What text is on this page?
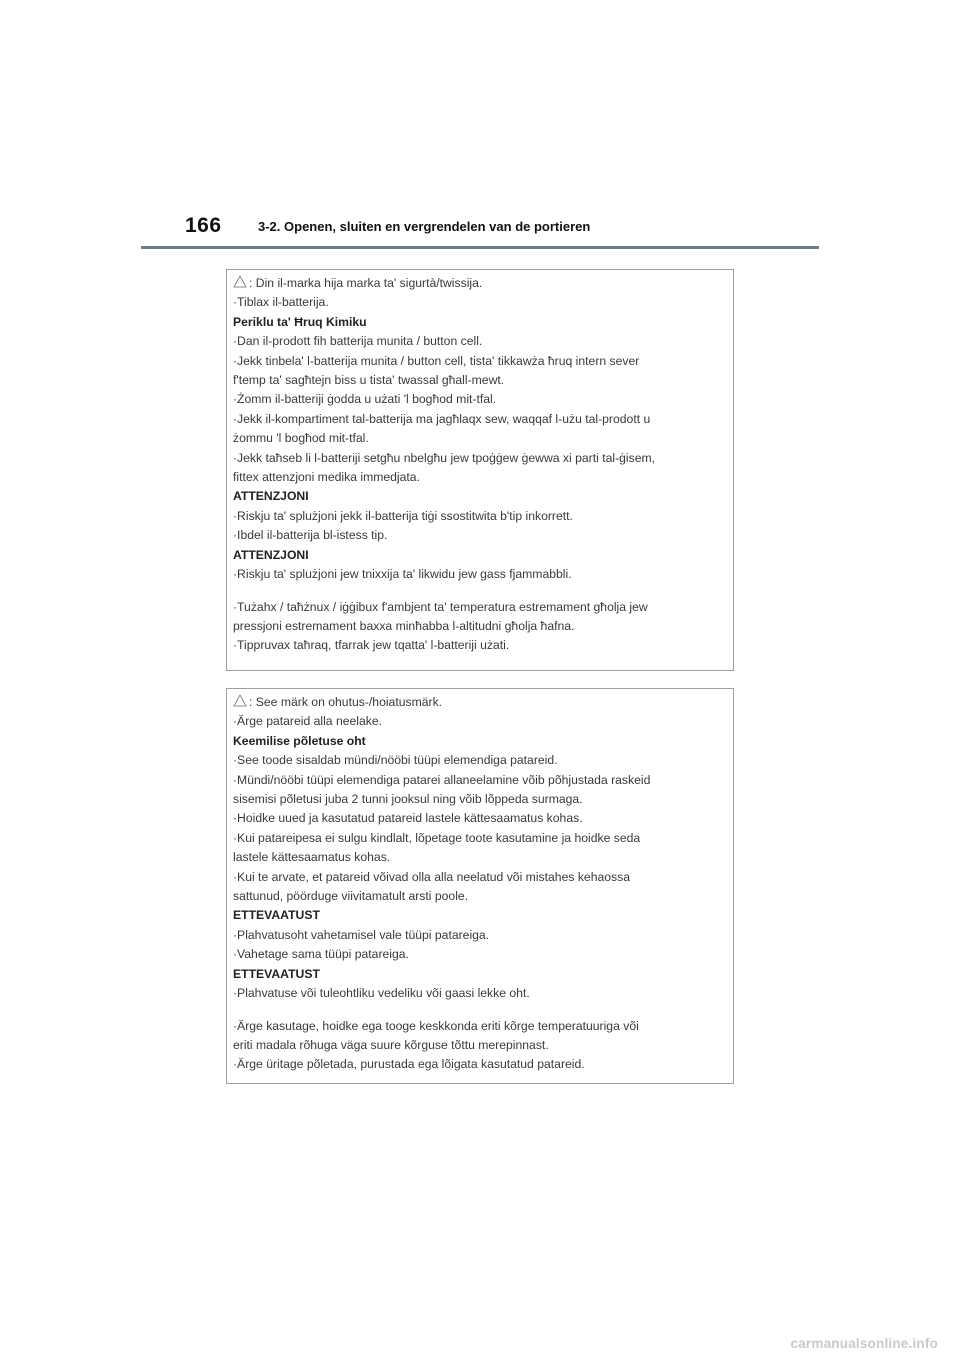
166	3-2. Openen, sluiten en vergrendelen van de portieren
: Din il-marka hija marka ta' sigurtà/twissija.
·Tiblax il-batterija.
Periklu ta' Ħruq Kimiku
·Dan il-prodott fih batterija munita / button cell.
·Jekk tinbela' l-batterija munita / button cell, tista' tikkawża ħruq intern sever
f'temp ta' sagħtejn biss u tista' twassal għall-mewt.
·Żomm il-batteriji ġodda u użati 'l bogħod mit-tfal.
·Jekk il-kompartiment tal-batterija ma jagħlaqx sew, waqqaf l-użu tal-prodott u
żommu 'l bogħod mit-tfal.
·Jekk taħseb li l-batteriji setgħu nbelgħu jew tpoġġew ġewwa xi parti tal-ġisem,
fittex attenzjoni medika immedjata.
ATTENZJONI
·Riskju ta' splużjoni jekk il-batterija tiġi ssostitwita b'tip inkorrett.
·Ibdel il-batterija bl-istess tip.
ATTENZJONI
·Riskju ta' splużjoni jew tnixxija ta' likwidu jew gass fjammabbli.
·Tużahx / taħżnux / iġġibux f'ambjent ta' temperatura estremament għolja jew
pressjoni estremament baxxa minħabba l-altitudni għolja ħafna.
·Tippruvax taħraq, tfarrak jew tqatta' l-batteriji użati.
: See märk on ohutus-/hoiatusmärk.
·Ärge patareid alla neelake.
Keemilise põletuse oht
·See toode sisaldab mündi/nööbi tüüpi elemendiga patareid.
·Mündi/nööbi tüüpi elemendiga patarei allaneelamine võib põhjustada raskeid
sisemisi põletusi juba 2 tunni jooksul ning võib lõppeda surmaga.
·Hoidke uued ja kasutatud patareid lastele kättesaamatus kohas.
·Kui patareipesa ei sulgu kindlalt, lõpetage toote kasutamine ja hoidke seda
lastele kättesaamatus kohas.
·Kui te arvate, et patareid võivad olla alla neelatud või mistahes kehaossa
sattunud, pöörduge viivitamatult arsti poole.
ETTEVAATUST
·Plahvatusoht vahetamisel vale tüüpi patareiga.
·Vahetage sama tüüpi patareiga.
ETTEVAATUST
·Plahvatuse või tuleohtliku vedeliku või gaasi lekke oht.
·Ärge kasutage, hoidke ega tooge keskkonda eriti kõrge temperatuuriga või
eriti madala rõhuga väga suure kõrguse tõttu merepinnast.
·Ärge üritage põletada, purustada ega lõigata kasutatud patareid.
carmanualsonline.info
